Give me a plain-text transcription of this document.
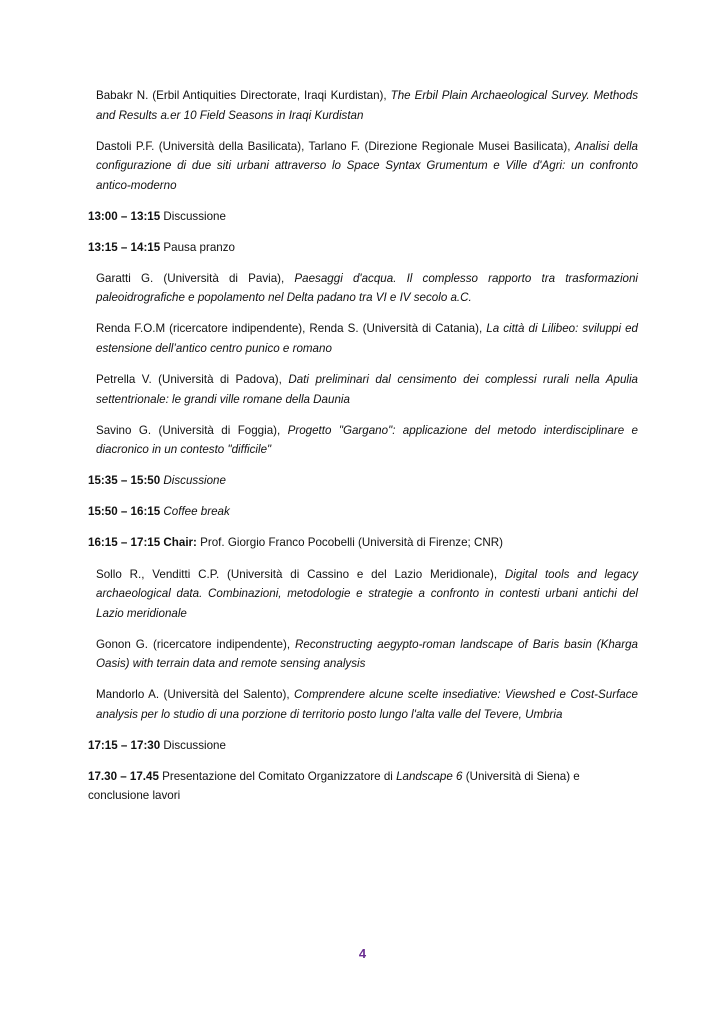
Babakr N. (Erbil Antiquities Directorate, Iraqi Kurdistan), The Erbil Plain Archaeological Survey. Methods and Results a.er 10 Field Seasons in Iraqi Kurdistan

Dastoli P.F. (Università della Basilicata), Tarlano F. (Direzione Regionale Musei Basilicata), Analisi della configurazione di due siti urbani attraverso lo Space Syntax Grumentum e Ville d'Agri: un confronto antico-moderno

13:00 – 13:15 Discussione

13:15 – 14:15 Pausa pranzo

Garatti G. (Università di Pavia), Paesaggi d'acqua. Il complesso rapporto tra trasformazioni paleoidrografiche e popolamento nel Delta padano tra VI e IV secolo a.C.

Renda F.O.M (ricercatore indipendente), Renda S. (Università di Catania), La città di Lilibeo: sviluppi ed estensione dell’antico centro punico e romano

Petrella V. (Università di Padova), Dati preliminari dal censimento dei complessi rurali nella Apulia settentrionale: le grandi ville romane della Daunia

Savino G. (Università di Foggia), Progetto "Gargano": applicazione del metodo interdisciplinare e diacronico in un contesto "difficile"

15:35 – 15:50 Discussione

15:50 – 16:15 Coffee break

16:15 – 17:15 Chair: Prof. Giorgio Franco Pocobelli (Università di Firenze; CNR)

Sollo R., Venditti C.P. (Università di Cassino e del Lazio Meridionale), Digital tools and legacy archaeological data. Combinazioni, metodologie e strategie a confronto in contesti urbani antichi del Lazio meridionale

Gonon G. (ricercatore indipendente), Reconstructing aegypto-roman landscape of Baris basin (Kharga Oasis) with terrain data and remote sensing analysis

Mandorlo A. (Università del Salento), Comprendere alcune scelte insediative: Viewshed e Cost-Surface analysis per lo studio di una porzione di territorio posto lungo l'alta valle del Tevere, Umbria

17:15 – 17:30 Discussione

17.30 – 17.45 Presentazione del Comitato Organizzatore di Landscape 6 (Università di Siena) e conclusione lavori

4
